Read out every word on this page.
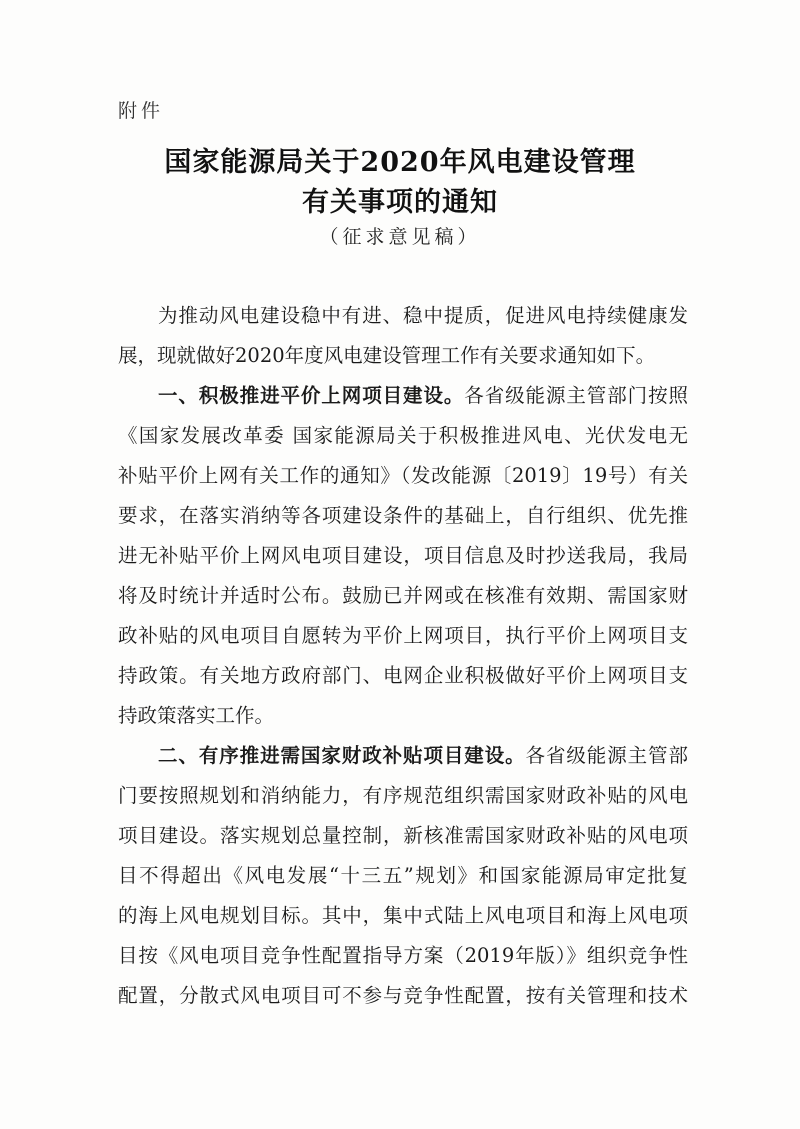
附件
国家能源局关于2020年风电建设管理
有关事项的通知
（征求意见稿）
为推动风电建设稳中有进、稳中提质，促进风电持续健康发
展，现就做好2020年度风电建设管理工作有关要求通知如下。
一、积极推进平价上网项目建设。各省级能源主管部门按照
《国家发展改革委 国家能源局关于积极推进风电、光伏发电无
补贴平价上网有关工作的通知》（发改能源〔2019〕19号）有关
要求，在落实消纳等各项建设条件的基础上，自行组织、优先推
进无补贴平价上网风电项目建设，项目信息及时抄送我局，我局
将及时统计并适时公布。鼓励已并网或在核准有效期、需国家财
政补贴的风电项目自愿转为平价上网项目，执行平价上网项目支
持政策。有关地方政府部门、电网企业积极做好平价上网项目支
持政策落实工作。
二、有序推进需国家财政补贴项目建设。各省级能源主管部
门要按照规划和消纳能力，有序规范组织需国家财政补贴的风电
项目建设。落实规划总量控制，新核准需国家财政补贴的风电项
目不得超出《风电发展“十三五”规划》和国家能源局审定批复
的海上风电规划目标。其中，集中式陆上风电项目和海上风电项
目按《风电项目竞争性配置指导方案（2019年版）》组织竞争性
配置，分散式风电项目可不参与竞争性配置，按有关管理和技术
